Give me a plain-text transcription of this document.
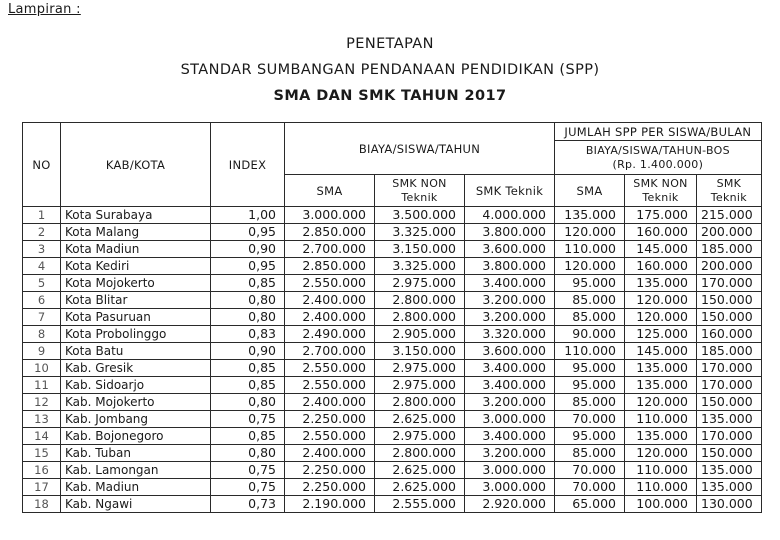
Lampiran :
PENETAPAN
STANDAR SUMBANGAN PENDANAAN PENDIDIKAN (SPP)
SMA DAN SMK TAHUN 2017
NO	KAB/KOTA	INDEX	BIAYA/SISWA/TAHUN			JUMLAH SPP PER SISWA/BULAN		

						BIAYA/SISWA/TAHUN-BOS
(Rp. 1.400.000)		

			SMA	SMK NON Teknik	SMK Teknik	SMA	SMK NON Teknik	SMK Teknik
1	Kota Surabaya	1,00	3.000.000	3.500.000	4.000.000	135.000	175.000	215.000
2	Kota Malang	0,95	2.850.000	3.325.000	3.800.000	120.000	160.000	200.000
3	Kota Madiun	0,90	2.700.000	3.150.000	3.600.000	110.000	145.000	185.000
4	Kota Kediri	0,95	2.850.000	3.325.000	3.800.000	120.000	160.000	200.000
5	Kota Mojokerto	0,85	2.550.000	2.975.000	3.400.000	95.000	135.000	170.000
6	Kota Blitar	0,80	2.400.000	2.800.000	3.200.000	85.000	120.000	150.000
7	Kota Pasuruan	0,80	2.400.000	2.800.000	3.200.000	85.000	120.000	150.000
8	Kota Probolinggo	0,83	2.490.000	2.905.000	3.320.000	90.000	125.000	160.000
9	Kota Batu	0,90	2.700.000	3.150.000	3.600.000	110.000	145.000	185.000
10	Kab. Gresik	0,85	2.550.000	2.975.000	3.400.000	95.000	135.000	170.000
11	Kab. Sidoarjo	0,85	2.550.000	2.975.000	3.400.000	95.000	135.000	170.000
12	Kab. Mojokerto	0,80	2.400.000	2.800.000	3.200.000	85.000	120.000	150.000
13	Kab. Jombang	0,75	2.250.000	2.625.000	3.000.000	70.000	110.000	135.000
14	Kab. Bojonegoro	0,85	2.550.000	2.975.000	3.400.000	95.000	135.000	170.000
15	Kab. Tuban	0,80	2.400.000	2.800.000	3.200.000	85.000	120.000	150.000
16	Kab. Lamongan	0,75	2.250.000	2.625.000	3.000.000	70.000	110.000	135.000
17	Kab. Madiun	0,75	2.250.000	2.625.000	3.000.000	70.000	110.000	135.000
18	Kab. Ngawi	0,73	2.190.000	2.555.000	2.920.000	65.000	100.000	130.000
